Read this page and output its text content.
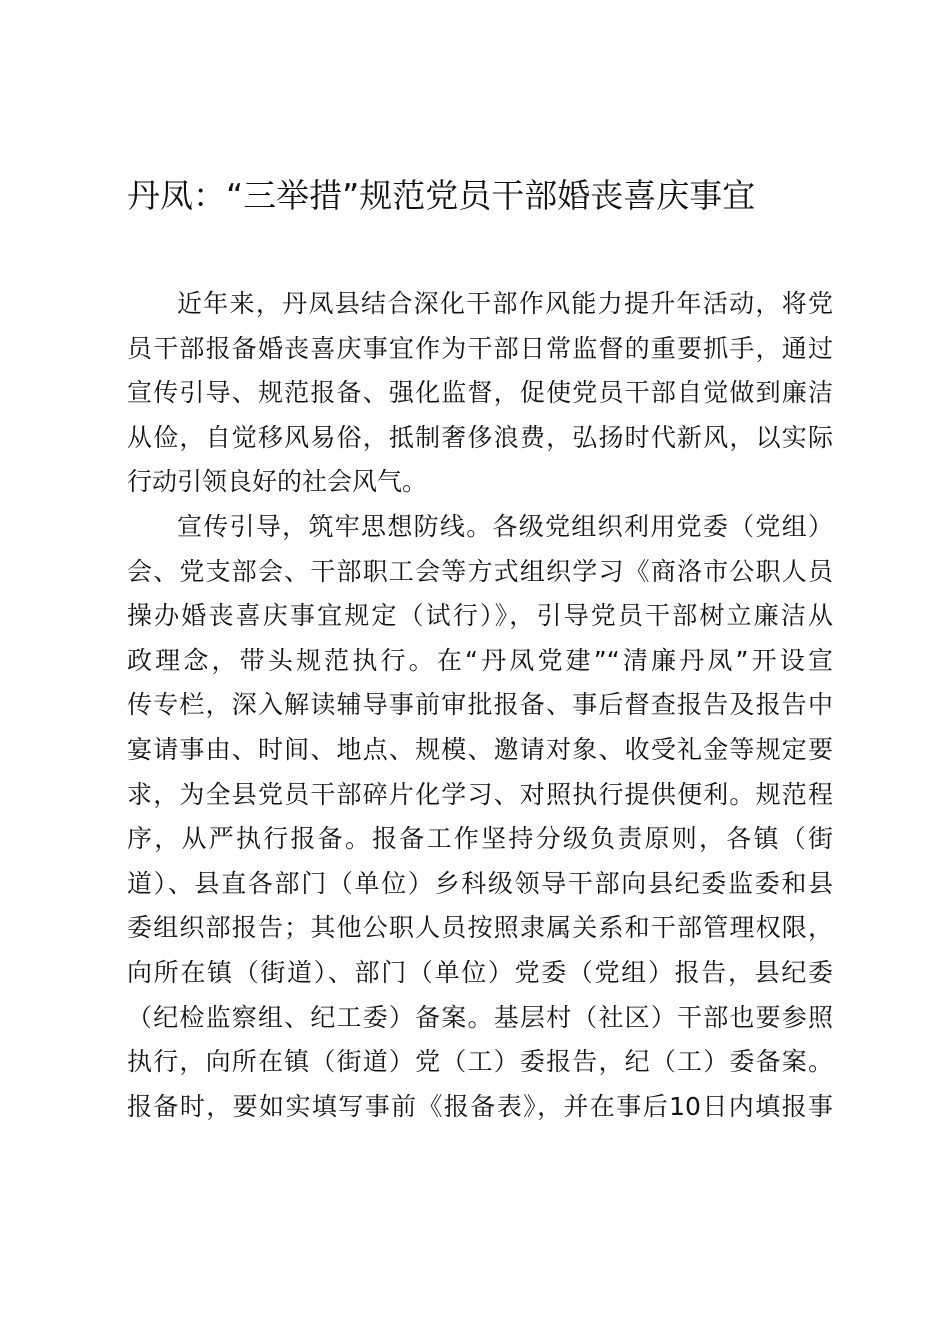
丹凤：“三举措”规范党员干部婚丧喜庆事宜
近年来，丹凤县结合深化干部作风能力提升年活动，将党
员干部报备婚丧喜庆事宜作为干部日常监督的重要抓手，通过
宣传引导、规范报备、强化监督，促使党员干部自觉做到廉洁
从俭，自觉移风易俗，抵制奢侈浪费，弘扬时代新风，以实际
行动引领良好的社会风气。
宣传引导，筑牢思想防线。各级党组织利用党委（党组）
会、党支部会、干部职工会等方式组织学习《商洛市公职人员
操办婚丧喜庆事宜规定（试行）》，引导党员干部树立廉洁从
政理念，带头规范执行。在“丹凤党建”“清廉丹凤”开设宣
传专栏，深入解读辅导事前审批报备、事后督查报告及报告中
宴请事由、时间、地点、规模、邀请对象、收受礼金等规定要
求，为全县党员干部碎片化学习、对照执行提供便利。规范程
序，从严执行报备。报备工作坚持分级负责原则，各镇（街
道）、县直各部门（单位）乡科级领导干部向县纪委监委和县
委组织部报告；其他公职人员按照隶属关系和干部管理权限，
向所在镇（街道）、部门（单位）党委（党组）报告，县纪委
（纪检监察组、纪工委）备案。基层村（社区）干部也要参照
执行，向所在镇（街道）党（工）委报告，纪（工）委备案。
报备时，要如实填写事前《报备表》，并在事后10日内填报事
